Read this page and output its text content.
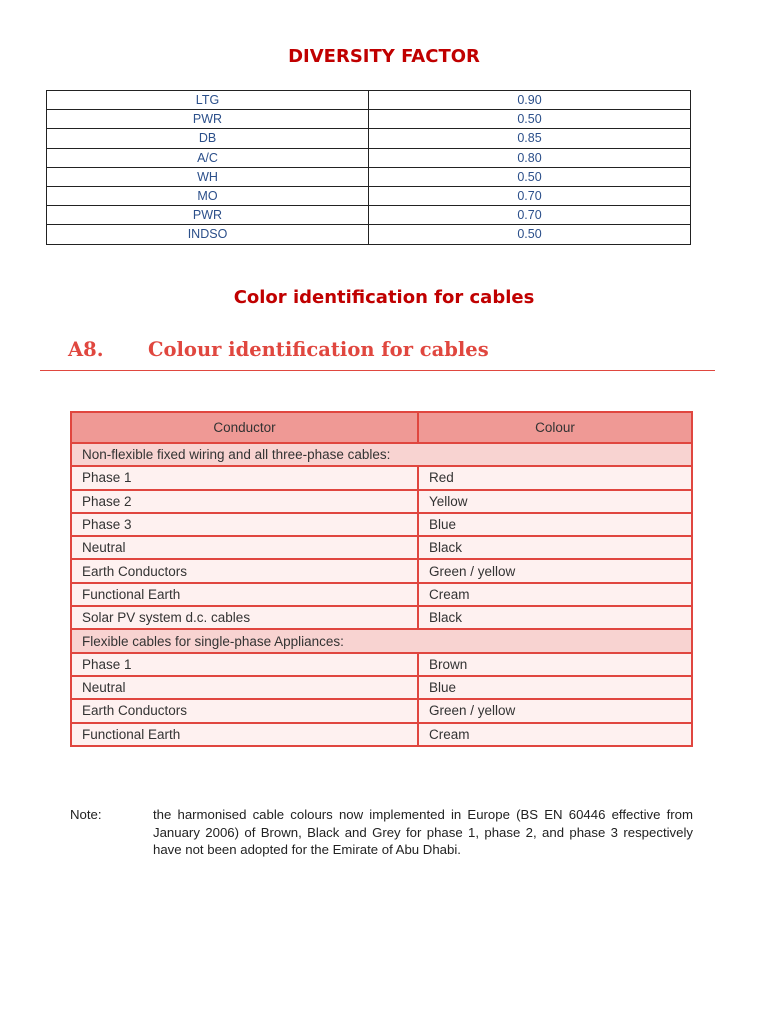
DIVERSITY FACTOR
LTG	0.90
PWR	0.50
DB	0.85
A/C	0.80
WH	0.50
MO	0.70
PWR	0.70
INDSO	0.50
Color identification for cables
A8. Colour identification for cables
Conductor	Colour
Non-flexible fixed wiring and all three-phase cables:	
Phase 1	Red
Phase 2	Yellow
Phase 3	Blue
Neutral	Black
Earth Conductors	Green / yellow
Functional Earth	Cream
Solar PV system d.c. cables	Black
Flexible cables for single-phase Appliances:	
Phase 1	Brown
Neutral	Blue
Earth Conductors	Green / yellow
Functional Earth	Cream
Note:	the harmonised cable colours now implemented in Europe (BS EN 60446 effective from January 2006) of Brown, Black and Grey for phase 1, phase 2, and phase 3 respectively have not been adopted for the Emirate of Abu Dhabi.
